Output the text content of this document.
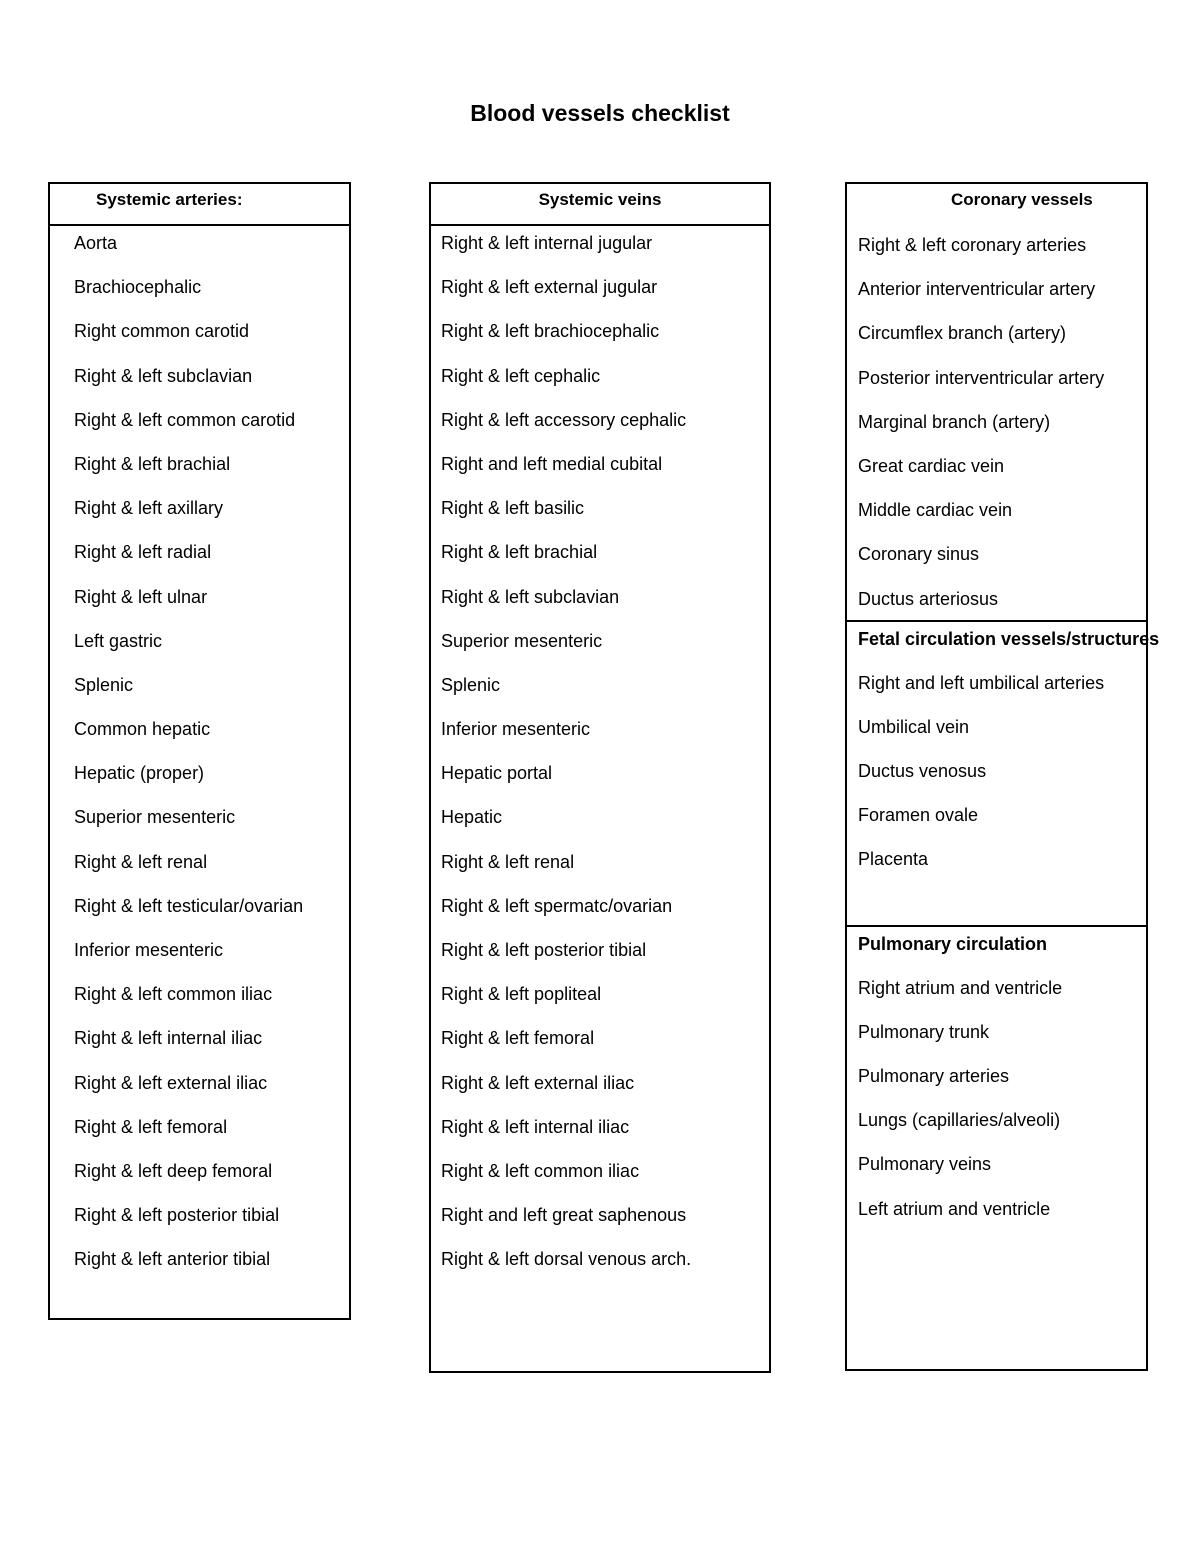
Blood vessels checklist
Systemic arteries:
Aorta
Brachiocephalic
Right common carotid
Right & left subclavian
Right & left common carotid
Right & left brachial
Right & left axillary
Right & left radial
Right & left ulnar
Left gastric
Splenic
Common hepatic
Hepatic (proper)
Superior mesenteric
Right & left renal
Right & left testicular/ovarian
Inferior mesenteric
Right & left common iliac
Right & left internal iliac
Right & left external iliac
Right & left femoral
Right & left deep femoral
Right & left posterior tibial
Right & left anterior tibial
Systemic veins
Right & left internal jugular
Right & left external jugular
Right & left brachiocephalic
Right & left cephalic
Right & left accessory cephalic
Right and left medial cubital
Right & left basilic
Right & left brachial
Right & left subclavian
Superior mesenteric
Splenic
Inferior mesenteric
Hepatic portal
Hepatic
Right & left renal
Right & left spermatc/ovarian
Right & left posterior tibial
Right & left popliteal
Right & left femoral
Right & left external iliac
Right & left internal iliac
Right & left common iliac
Right and left great saphenous
Right & left dorsal venous arch.
Coronary vessels
Right & left coronary arteries
Anterior interventricular artery
Circumflex branch (artery)
Posterior interventricular artery
Marginal branch (artery)
Great cardiac vein
Middle cardiac vein
Coronary sinus
Ductus arteriosus
Fetal circulation vessels/structures
Right and left umbilical arteries
Umbilical vein
Ductus venosus
Foramen ovale
Placenta
Pulmonary circulation
Right atrium and ventricle
Pulmonary trunk
Pulmonary arteries
Lungs (capillaries/alveoli)
Pulmonary veins
Left atrium and ventricle
